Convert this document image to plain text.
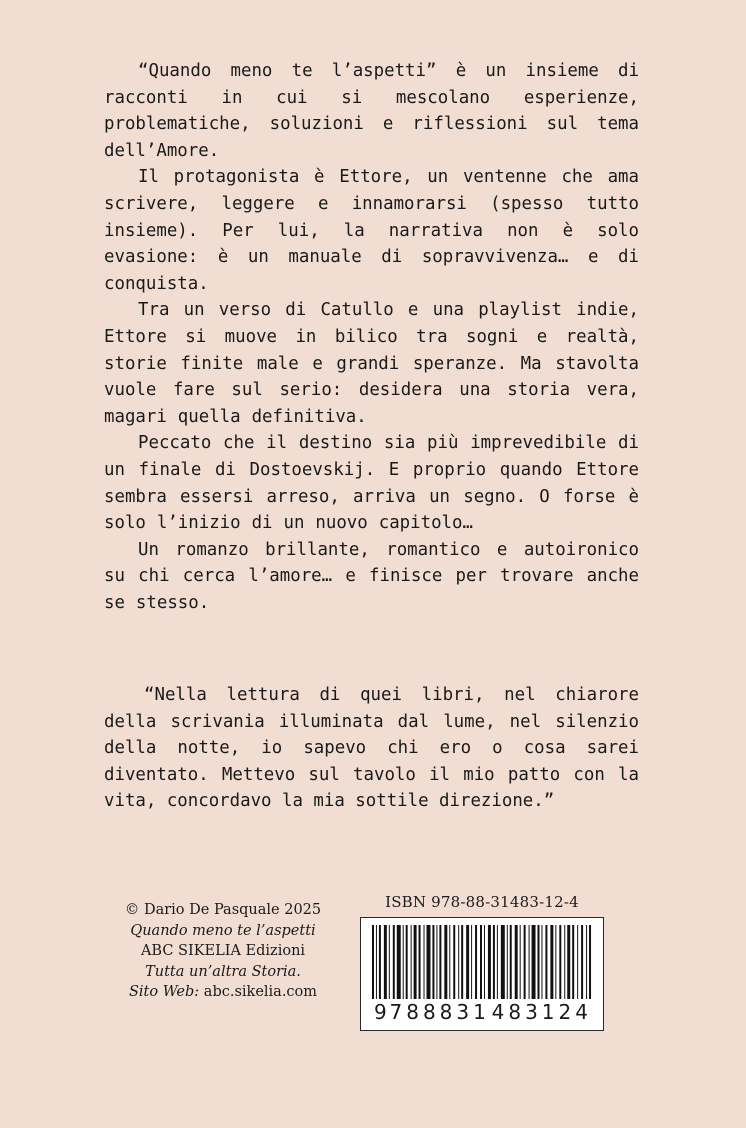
“Quando meno te l’aspetti” è un insieme di racconti in cui si mescolano esperienze, problematiche, soluzioni e riflessioni sul tema dell’Amore.

Il protagonista è Ettore, un ventenne che ama scrivere, leggere e innamorarsi (spesso tutto insieme). Per lui, la narrativa non è solo evasione: è un manuale di sopravvivenza… e di conquista.

Tra un verso di Catullo e una playlist indie, Ettore si muove in bilico tra sogni e realtà, storie finite male e grandi speranze. Ma stavolta vuole fare sul serio: desidera una storia vera, magari quella definitiva.

Peccato che il destino sia più imprevedibile di un finale di Dostoevskij. E proprio quando Ettore sembra essersi arreso, arriva un segno. O forse è solo l’inizio di un nuovo capitolo…

Un romanzo brillante, romantico e autoironico su chi cerca l’amore… e finisce per trovare anche se stesso.

“Nella lettura di quei libri, nel chiarore della scrivania illuminata dal lume, nel silenzio della notte, io sapevo chi ero o cosa sarei diventato. Mettevo sul tavolo il mio patto con la vita, concordavo la mia sottile direzione.”

© Dario De Pasquale 2025
Quando meno te l’aspetti
ABC SIKELIA Edizioni
Tutta un’altra Storia.
Sito Web: abc.sikelia.com
ISBN 978-88-31483-12-4
9 788831 483124
